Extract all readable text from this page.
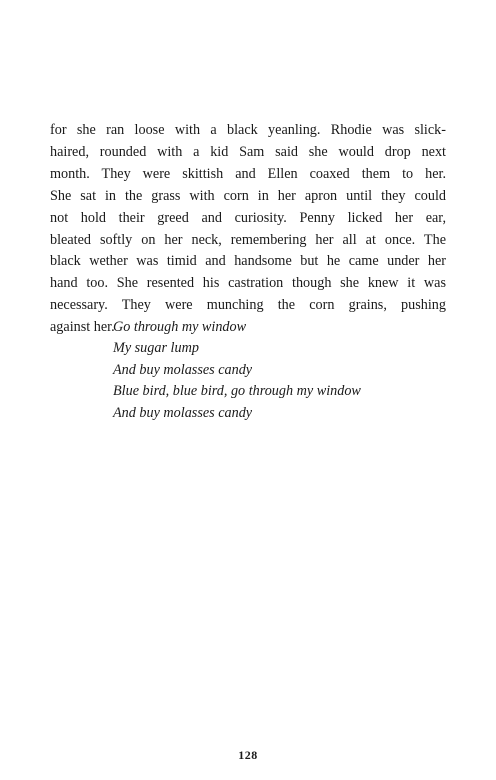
for she ran loose with a black yeanling. Rhodie was slick-
haired, rounded with a kid Sam said she would drop next
month. They were skittish and Ellen coaxed them to her.
She sat in the grass with corn in her apron until they could
not hold their greed and curiosity. Penny licked her ear,
bleated softly on her neck, remembering her all at once. The
black wether was timid and handsome but he came under her
hand too. She resented his castration though she knew it was
necessary. They were munching the corn grains, pushing
against her.
Go through my window
My sugar lump
And buy molasses candy
Blue bird, blue bird, go through my window
And buy molasses candy
128
